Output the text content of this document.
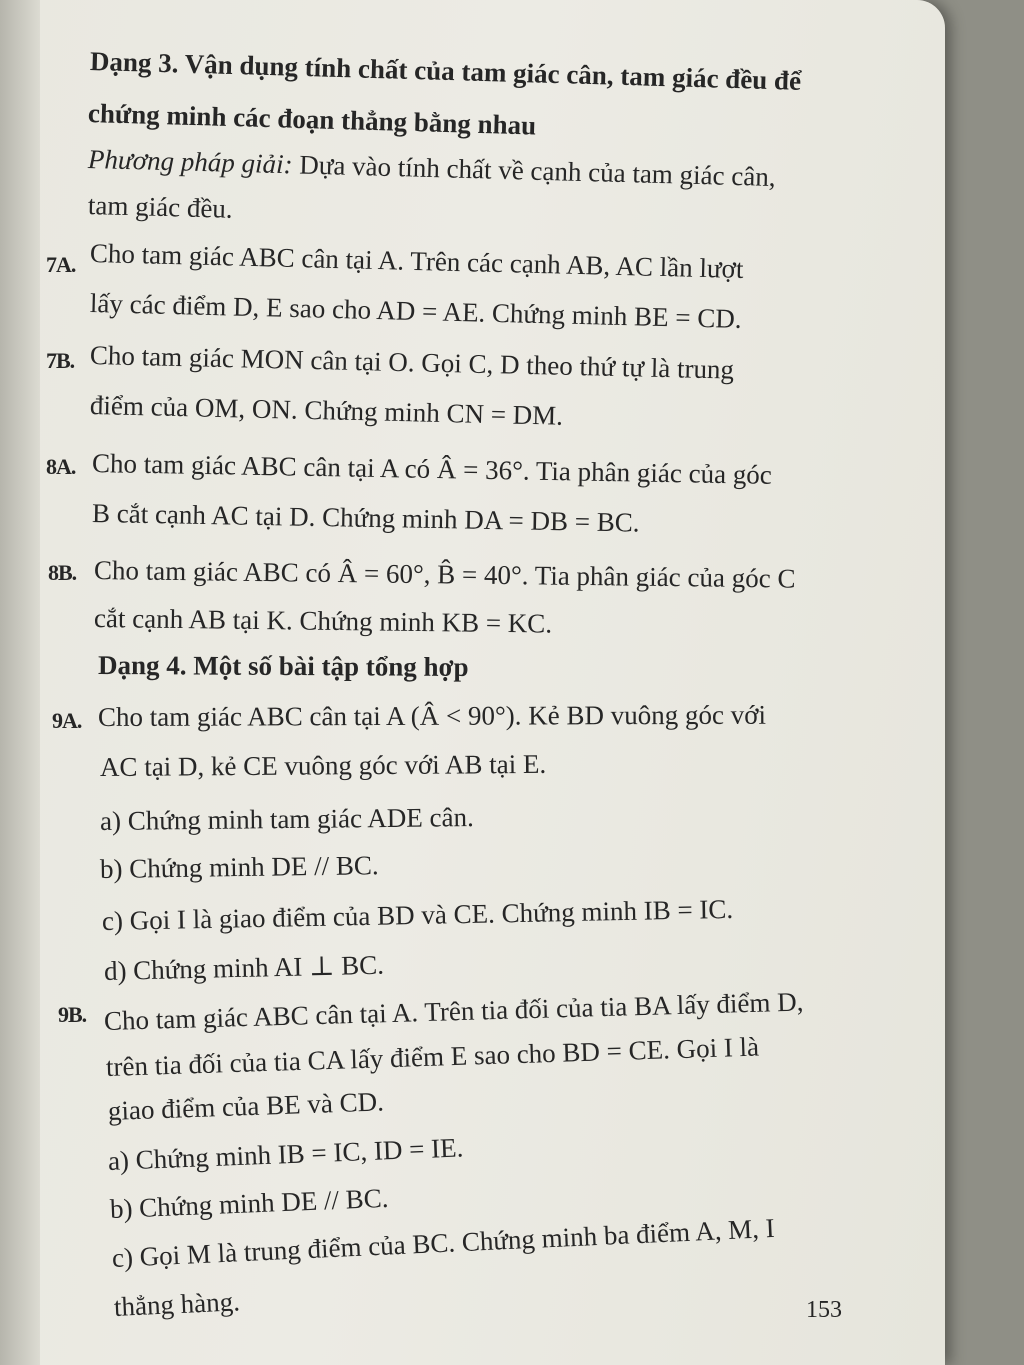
Dạng 3. Vận dụng tính chất của tam giác cân, tam giác đều để
chứng minh các đoạn thẳng bằng nhau
Phương pháp giải: Dựa vào tính chất về cạnh của tam giác cân,
tam giác đều.
7A. Cho tam giác ABC cân tại A. Trên các cạnh AB, AC lần lượt
lấy các điểm D, E sao cho AD = AE. Chứng minh BE = CD.
7B. Cho tam giác MON cân tại O. Gọi C, D theo thứ tự là trung
điểm của OM, ON. Chứng minh CN = DM.
8A. Cho tam giác ABC cân tại A có Â = 36°. Tia phân giác của góc
B cắt cạnh AC tại D. Chứng minh DA = DB = BC.
8B. Cho tam giác ABC có Â = 60°, B̂ = 40°. Tia phân giác của góc C
cắt cạnh AB tại K. Chứng minh KB = KC.
Dạng 4. Một số bài tập tổng hợp
9A. Cho tam giác ABC cân tại A (Â < 90°). Kẻ BD vuông góc với
AC tại D, kẻ CE vuông góc với AB tại E.
a) Chứng minh tam giác ADE cân.
b) Chứng minh DE // BC.
c) Gọi I là giao điểm của BD và CE. Chứng minh IB = IC.
d) Chứng minh AI ⊥ BC.
9B. Cho tam giác ABC cân tại A. Trên tia đối của tia BA lấy điểm D,
trên tia đối của tia CA lấy điểm E sao cho BD = CE. Gọi I là
giao điểm của BE và CD.
a) Chứng minh IB = IC, ID = IE.
b) Chứng minh DE // BC.
c) Gọi M là trung điểm của BC. Chứng minh ba điểm A, M, I
thẳng hàng.	153
